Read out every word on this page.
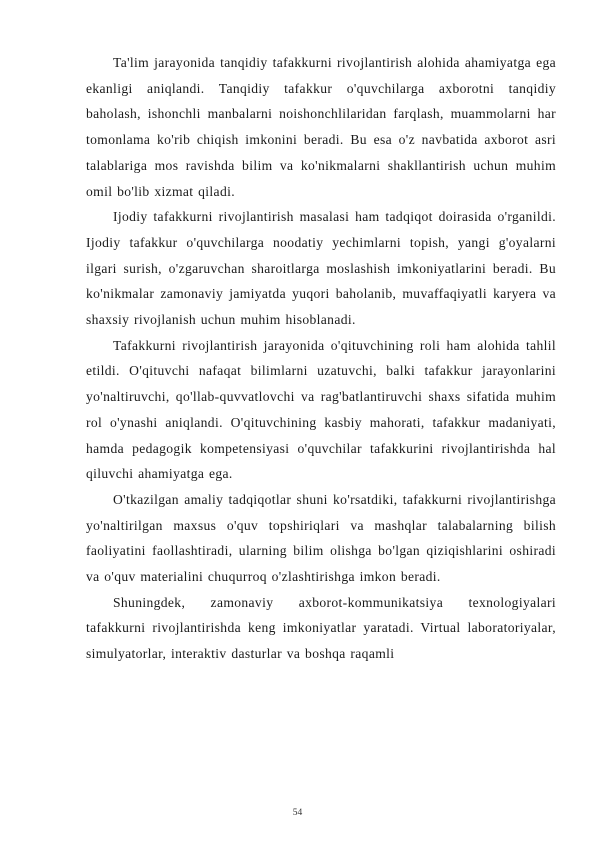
Ta'lim jarayonida tanqidiy tafakkurni rivojlantirish alohida ahamiyatga ega ekanligi aniqlandi. Tanqidiy tafakkur o'quvchilarga axborotni tanqidiy baholash, ishonchli manbalarni noishonchlilaridan farqlash, muammolarni har tomonlama ko'rib chiqish imkonini beradi. Bu esa o'z navbatida axborot asri talablariga mos ravishda bilim va ko'nikmalarni shakllantirish uchun muhim omil bo'lib xizmat qiladi.

Ijodiy tafakkurni rivojlantirish masalasi ham tadqiqot doirasida o'rganildi. Ijodiy tafakkur o'quvchilarga noodatiy yechimlarni topish, yangi g'oyalarni ilgari surish, o'zgaruvchan sharoitlarga moslashish imkoniyatlarini beradi. Bu ko'nikmalar zamonaviy jamiyatda yuqori baholanib, muvaffaqiyatli karyera va shaxsiy rivojlanish uchun muhim hisoblanadi.

Tafakkurni rivojlantirish jarayonida o'qituvchining roli ham alohida tahlil etildi. O'qituvchi nafaqat bilimlarni uzatuvchi, balki tafakkur jarayonlarini yo'naltiruvchi, qo'llab-quvvatlovchi va rag'batlantiruvchi shaxs sifatida muhim rol o'ynashi aniqlandi. O'qituvchining kasbiy mahorati, tafakkur madaniyati, hamda pedagogik kompetensiyasi o'quvchilar tafakkurini rivojlantirishda hal qiluvchi ahamiyatga ega.

O'tkazilgan amaliy tadqiqotlar shuni ko'rsatdiki, tafakkurni rivojlantirishga yo'naltirilgan maxsus o'quv topshiriqlari va mashqlar talabalarning bilish faoliyatini faollashtiradi, ularning bilim olishga bo'lgan qiziqishlarini oshiradi va o'quv materialini chuqurroq o'zlashtirishga imkon beradi.

Shuningdek, zamonaviy axborot-kommunikatsiya texnologiyalari tafakkurni rivojlantirishda keng imkoniyatlar yaratadi. Virtual laboratoriyalar, simulyatorlar, interaktiv dasturlar va boshqa raqamli

54
